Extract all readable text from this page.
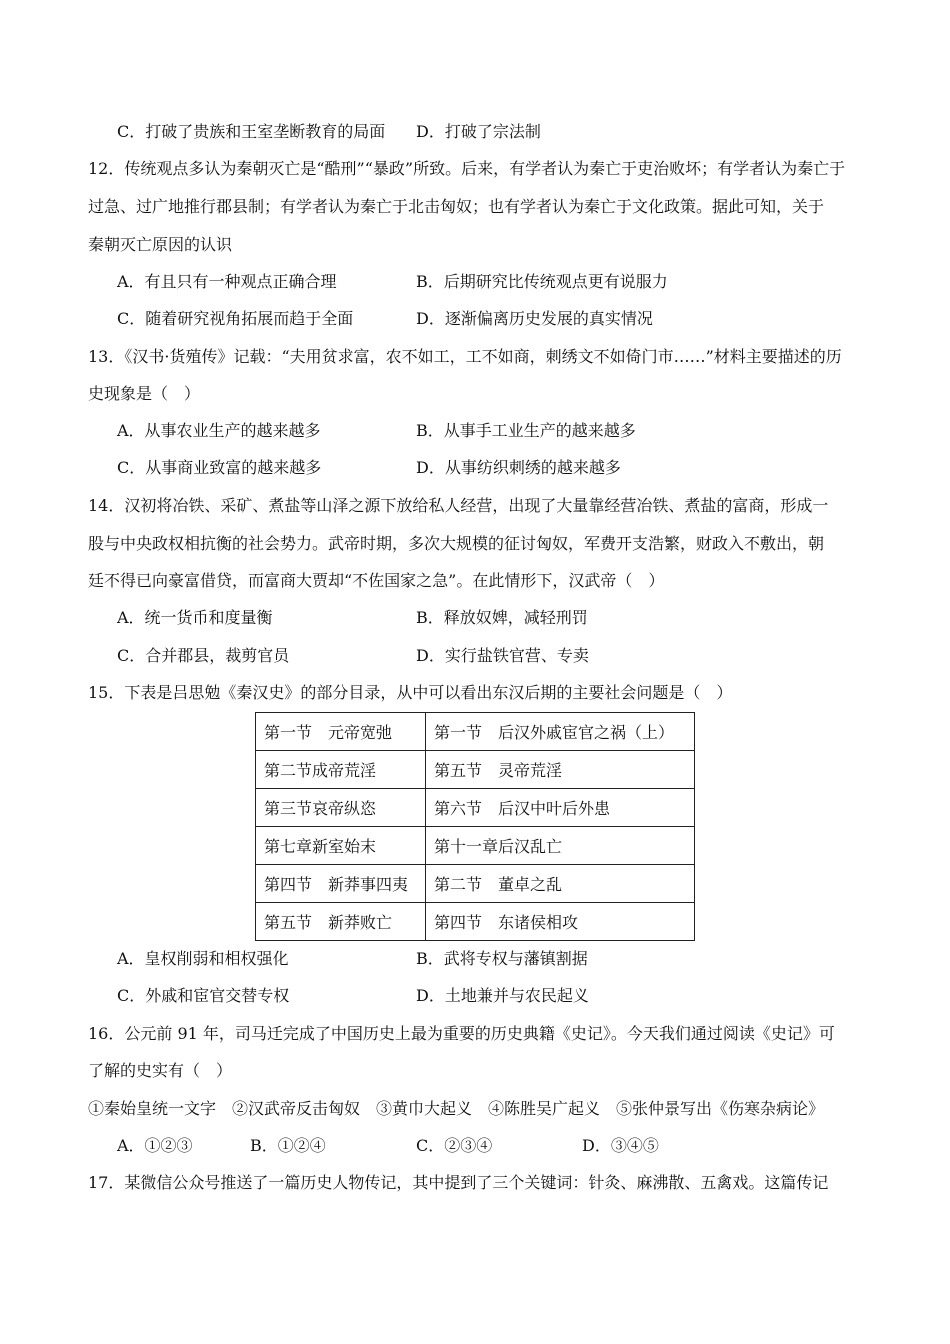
C．打破了贵族和王室垄断教育的局面 D．打破了宗法制
12．传统观点多认为秦朝灭亡是“酷刑”“暴政”所致。后来，有学者认为秦亡于吏治败坏；有学者认为秦亡于
过急、过广地推行郡县制；有学者认为秦亡于北击匈奴；也有学者认为秦亡于文化政策。据此可知，关于
秦朝灭亡原因的认识
A．有且只有一种观点正确合理	B．后期研究比传统观点更有说服力
C．随着研究视角拓展而趋于全面	D．逐渐偏离历史发展的真实情况
13．《汉书·货殖传》记载：“夫用贫求富，农不如工，工不如商，刺绣文不如倚门市……”材料主要描述的历
史现象是（　）
A．从事农业生产的越来越多	B．从事手工业生产的越来越多
C．从事商业致富的越来越多	D．从事纺织刺绣的越来越多
14．汉初将冶铁、采矿、煮盐等山泽之源下放给私人经营，出现了大量靠经营冶铁、煮盐的富商，形成一
股与中央政权相抗衡的社会势力。武帝时期，多次大规模的征讨匈奴，军费开支浩繁，财政入不敷出，朝
廷不得已向豪富借贷，而富商大贾却“不佐国家之急”。在此情形下，汉武帝（　）
A．统一货币和度量衡	B．释放奴婢，减轻刑罚
C．合并郡县，裁剪官员	D．实行盐铁官营、专卖
15．下表是吕思勉《秦汉史》的部分目录，从中可以看出东汉后期的主要社会问题是（　）
第一节　元帝宽弛	第一节　后汉外戚宦官之祸（上）
第二节成帝荒淫	第五节　灵帝荒淫
第三节哀帝纵恣	第六节　后汉中叶后外患
第七章新室始末	第十一章后汉乱亡
第四节　新莽事四夷	第二节　董卓之乱
第五节　新莽败亡	第四节　东诸侯相攻
A．皇权削弱和相权强化	B．武将专权与藩镇割据
C．外戚和宦官交替专权	D．土地兼并与农民起义
16．公元前 91 年，司马迁完成了中国历史上最为重要的历史典籍《史记》。今天我们通过阅读《史记》可
了解的史实有（　）
①秦始皇统一文字　②汉武帝反击匈奴　③黄巾大起义　④陈胜吴广起义　⑤张仲景写出《伤寒杂病论》
A．①②③	B．①②④	C．②③④	D．③④⑤
17．某微信公众号推送了一篇历史人物传记，其中提到了三个关键词：针灸、麻沸散、五禽戏。这篇传记
